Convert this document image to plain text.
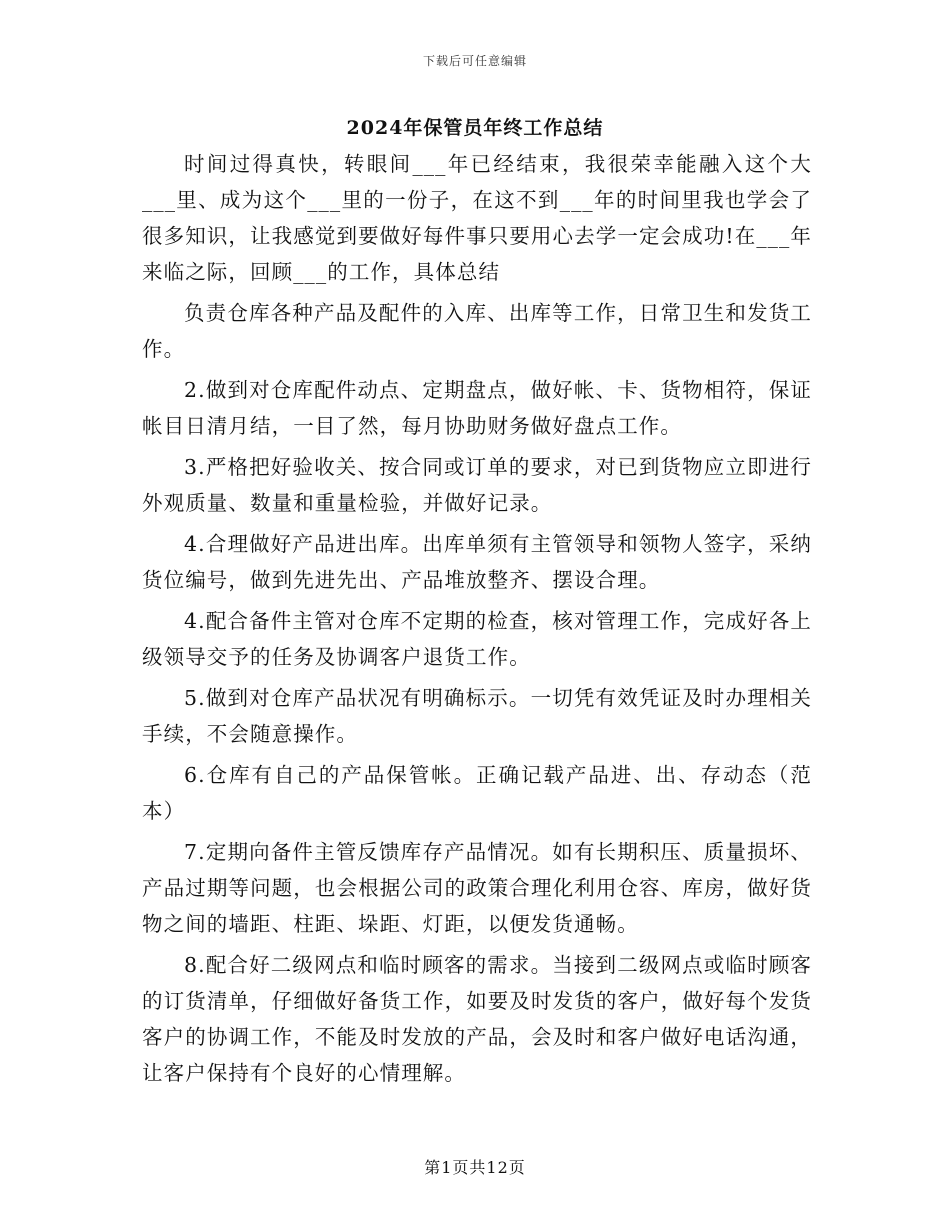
下载后可任意编辑
2024年保管员年终工作总结

时间过得真快，转眼间___年已经结束，我很荣幸能融入这个大___里、成为这个___里的一份子，在这不到___年的时间里我也学会了很多知识，让我感觉到要做好每件事只要用心去学一定会成功!在___年来临之际，回顾___的工作，具体总结

负责仓库各种产品及配件的入库、出库等工作，日常卫生和发货工作。

2.做到对仓库配件动点、定期盘点，做好帐、卡、货物相符，保证帐目日清月结，一目了然，每月协助财务做好盘点工作。

3.严格把好验收关、按合同或订单的要求，对已到货物应立即进行外观质量、数量和重量检验，并做好记录。

4.合理做好产品进出库。出库单须有主管领导和领物人签字，采纳货位编号，做到先进先出、产品堆放整齐、摆设合理。

4.配合备件主管对仓库不定期的检查，核对管理工作，完成好各上级领导交予的任务及协调客户退货工作。

5.做到对仓库产品状况有明确标示。一切凭有效凭证及时办理相关手续，不会随意操作。

6.仓库有自己的产品保管帐。正确记载产品进、出、存动态（范本）

7.定期向备件主管反馈库存产品情况。如有长期积压、质量损坏、产品过期等问题，也会根据公司的政策合理化利用仓容、库房，做好货物之间的墙距、柱距、垛距、灯距，以便发货通畅。

8.配合好二级网点和临时顾客的需求。当接到二级网点或临时顾客的订货清单，仔细做好备货工作，如要及时发货的客户，做好每个发货客户的协调工作，不能及时发放的产品，会及时和客户做好电话沟通，让客户保持有个良好的心情理解。

第1页共12页
